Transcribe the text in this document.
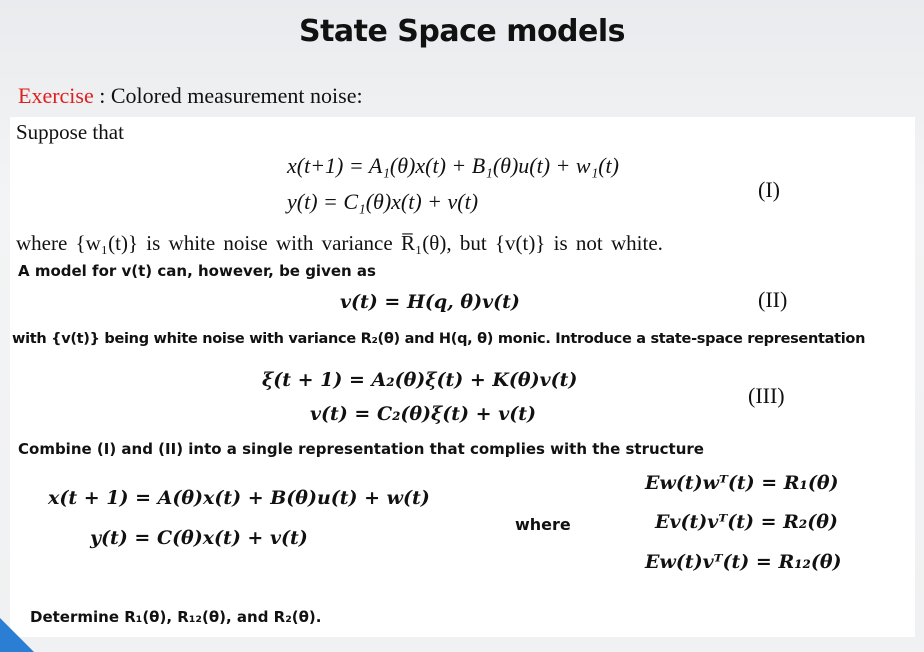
State Space models
Exercise : Colored measurement noise:
Suppose that
x(t+1) = A₁(θ)x(t) + B₁(θ)u(t) + w₁(t)
y(t) = C₁(θ)x(t) + v(t)	(I)
where {w₁(t)} is white noise with variance R̅₁(θ), but {v(t)} is not white.
A model for v(t) can, however, be given as
v(t) = H(q, θ)v(t)	(II)
with {v(t)} being white noise with variance R₂(θ) and H(q, θ) monic. Introduce a state-space representation
ξ(t + 1) = A₂(θ)ξ(t) + K(θ)v(t)
v(t) = C₂(θ)ξ(t) + v(t)
(III)
Combine (I) and (II) into a single representation that complies with the structure
x(t + 1) = A(θ)x(t) + B(θ)u(t) + w(t)
y(t) = C(θ)x(t) + v(t)
where
Ew(t)wᵀ(t) = R₁(θ)
Ev(t)vᵀ(t) = R₂(θ)
Ew(t)vᵀ(t) = R₁₂(θ)
Determine R₁(θ), R₁₂(θ), and R₂(θ).
